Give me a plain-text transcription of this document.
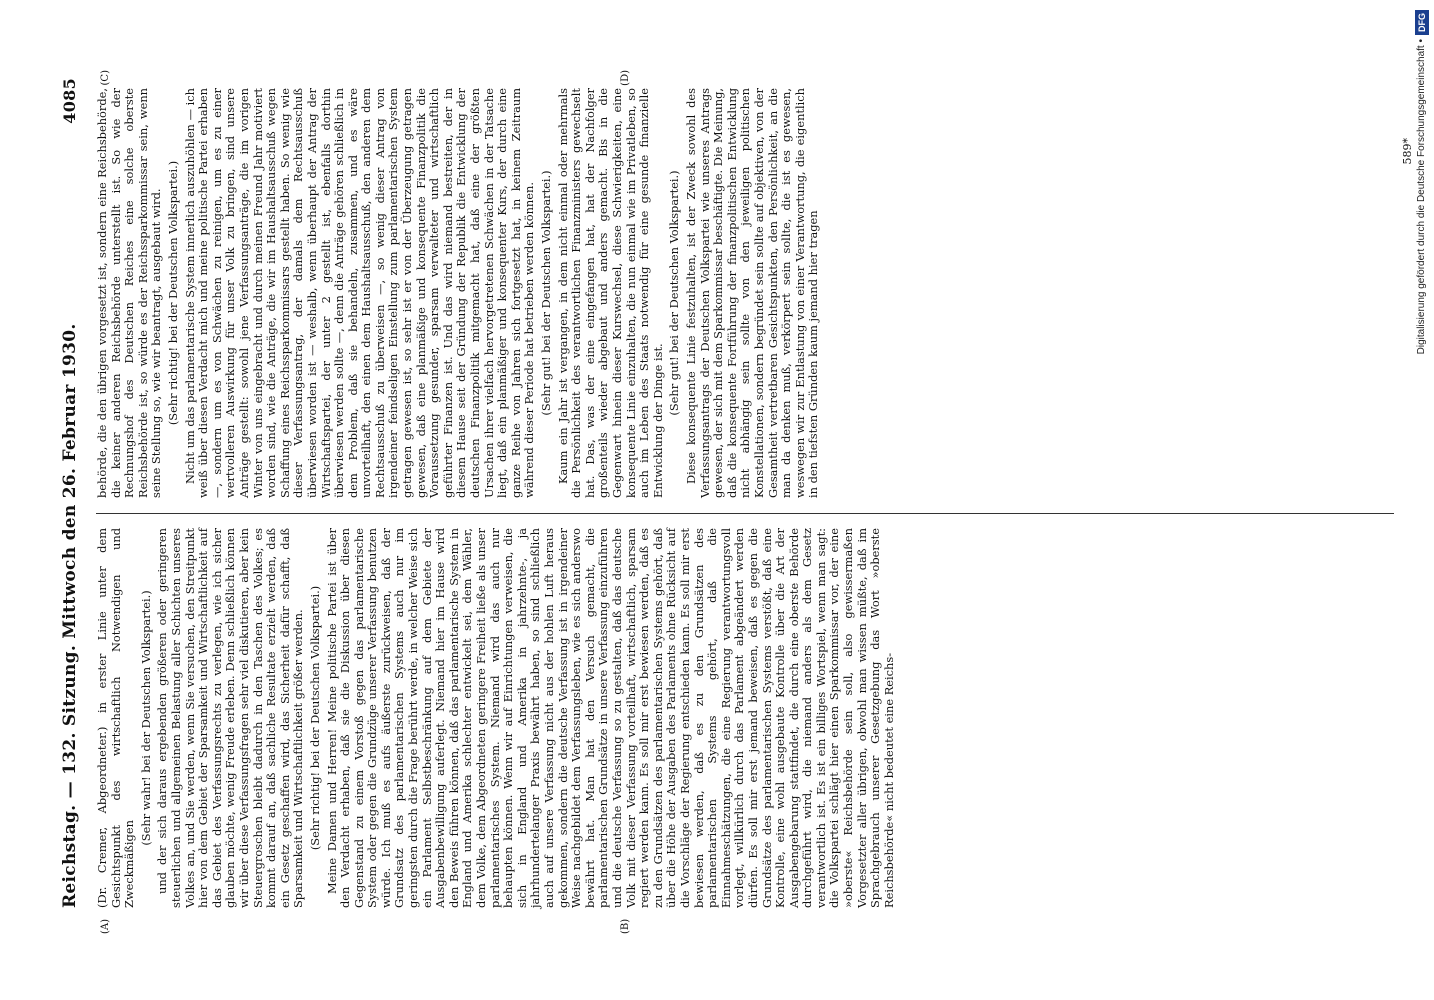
Reichstag. — 132. Sitzung. Mittwoch den 26. Februar 1930.
4085
(A)	(B)
(C)	(D)

(Dr. Cremer, Abgeordneter.) in erster Linie unter dem Gesichtspunkt des wirtschaftlich Notwendigen und Zweckmäßigen

(Sehr wahr! bei der Deutschen Volkspartei.) und der sich daraus ergebenden größeren oder geringeren steuerlichen und allgemeinen Belastung aller Schichten unseres Volkes an, und Sie werden, wenn Sie versuchen, den Streitpunkt hier von dem Gebiet der Sparsamkeit und Wirtschaftlichkeit auf das Gebiet des Verfassungsrechts zu verlegen, wie ich sicher glauben möchte, wenig Freude erleben. Denn schließlich können wir über diese Verfassungsfragen sehr viel diskutieren, aber kein Steuergroschen bleibt dadurch in den Taschen des Volkes; es kommt darauf an, daß sachliche Resultate erzielt werden, daß ein Gesetz geschaffen wird, das Sicherheit dafür schafft, daß Sparsamkeit und Wirtschaftlichkeit größer werden. (Sehr richtig! bei der Deutschen Volkspartei.) Meine Damen und Herren! Meine politische Partei ist über den Verdacht erhaben, daß sie die Diskussion über diesen Gegenstand zu einem Vorstoß gegen das parlamentarische System oder gegen die Grundzüge unserer Verfassung benutzen würde. Ich muß es aufs äußerste zurückweisen, daß der Grundsatz des parlamentarischen Systems auch nur im geringsten durch die Frage berührt werde, in welcher Weise sich ein Parlament Selbstbeschränkung auf dem Gebiete der Ausgabenbewilligung auferlegt. Niemand hier im Hause wird den Beweis führen können, daß das parlamentarische System in England und Amerika schlechter entwickelt sei, dem Wähler, dem Volke, dem Abgeordneten geringere Freiheit ließe als unser parlamentarisches System. Niemand wird das auch nur behaupten können. Wenn wir auf Einrichtungen verweisen, die sich in England und Amerika in jahrzehnte-, ja jahrhundertelanger Praxis bewährt haben, so sind schließlich auch auf unsere Verfassung nicht aus der hohlen Luft heraus gekommen, sondern die deutsche Verfassung ist in irgendeiner Weise nachgebildet dem Verfassungsleben, wie es sich anderswo bewährt hat. Man hat den Versuch gemacht, die parlamentarischen Grundsätze in unsere Verfassung einzuführen und die deutsche Verfassung so zu gestalten, daß das deutsche Volk mit dieser Verfassung vorteilhaft, wirtschaftlich, sparsam regiert werden kann. Es soll mir erst bewiesen werden, daß es zu den Grundsätzen des parlamentarischen Systems gehört, daß über die Höhe der Ausgaben des Parlaments ohne Rücksicht auf die Vorschläge der Regierung entschieden kann. Es soll mir erst bewiesen werden, daß es zu den Grundsätzen des parlamentarischen Systems gehört, daß die Einnahmeschätzungen, die eine Regierung verantwortungsvoll vorlegt, willkürlich durch das Parlament abgeändert werden dürfen. Es soll mir erst jemand beweisen, daß es gegen die Grundsätze des parlamentarischen Systems verstößt, daß eine Kontrolle, eine wohl ausgebaute Kontrolle über die Art der Ausgabengebarung stattfindet, die durch eine oberste Behörde durchgeführt wird, die niemand anders als dem Gesetz verantwortlich ist. Es ist ein billiges Wortspiel, wenn man sagt: die Volkspartei schlägt hier einen Sparkommissar vor, der eine »oberste« Reichsbehörde sein soll, also gewissermaßen Vorgesetzter aller übrigen, obwohl man wissen müßte, daß im Sprachgebrauch unserer Gesetzgebung das Wort »oberste Reichsbehörde« nicht bedeutet eine Reichs-

behörde, die den übrigen vorgesetzt ist, sondern eine Reichsbehörde, die keiner anderen Reichsbehörde unterstellt ist. So wie der Rechnungshof des Deutschen Reiches eine solche oberste Reichsbehörde ist, so würde es der Reichssparkommissar sein, wenn seine Stellung so, wie wir beantragt, ausgebaut wird. (Sehr richtig! bei der Deutschen Volkspartei.) Nicht um das parlamentarische System innerlich auszuhöhlen — ich weiß über diesen Verdacht mich und meine politische Partei erhaben —, sondern um es von Schwächen zu reinigen, um es zu einer wertvolleren Auswirkung für unser Volk zu bringen, sind unsere Anträge gestellt: sowohl jene Verfassungsanträge, die im vorigen Winter von uns eingebracht und durch meinen Freund Jahr motiviert worden sind, wie die Anträge, die wir im Haushaltsausschuß wegen Schaffung eines Reichssparkommissars gestellt haben. So wenig wie dieser Verfassungsantrag, der damals dem Rechtsausschuß überwiesen worden ist — weshalb, wenn überhaupt der Antrag der Wirtschaftspartei, der unter 2 gestellt ist, ebenfalls dorthin überwiesen werden sollte —, denn die Anträge gehören schließlich in dem Problem, daß sie behandeln, zusammen, und es wäre unvorteilhaft, den einen dem Haushaltsausschuß, den anderen dem Rechtsausschuß zu überweisen —, so wenig dieser Antrag von irgendeiner feindseligen Einstellung zum parlamentarischen System getragen gewesen ist, so sehr ist er von der Überzeugung getragen gewesen, daß eine planmäßige und konsequente Finanzpolitik die Voraussetzung gesunder, sparsam verwalteter und wirtschaftlich geführter Finanzen ist. Und das wird niemand bestreiten, der in diesem Hause seit der Gründung der Republik die Entwicklung der deutschen Finanzpolitik mitgemacht hat, daß eine der größten Ursachen ihrer vielfach hervorgetretenen Schwächen in der Tatsache liegt, daß ein planmäßiger und konsequenter Kurs, der durch eine ganze Reihe von Jahren sich fortgesetzt hat, in keinem Zeitraum während dieser Periode hat betrieben werden können. (Sehr gut! bei der Deutschen Volkspartei.) Kaum ein Jahr ist vergangen, in dem nicht einmal oder mehrmals die Persönlichkeit des verantwortlichen Finanzministers gewechselt hat. Das, was der eine eingefangen hat, hat der Nachfolger großenteils wieder abgebaut und anders gemacht. Bis in die Gegenwart hinein dieser Kurswechsel, diese Schwierigkeiten, eine konsequente Linie einzuhalten, die nun einmal wie im Privatleben, so auch im Leben des Staats notwendig für eine gesunde finanzielle Entwicklung der Dinge ist.

(Sehr gut! bei der Deutschen Volkspartei.) Diese konsequente Linie festzuhalten, ist der Zweck sowohl des Verfassungsantrags der Deutschen Volkspartei wie unseres Antrags gewesen, der sich mit dem Sparkommissar beschäftigte. Die Meinung, daß die konsequente Fortführung der finanzpolitischen Entwicklung nicht abhängig sein sollte von den jeweiligen politischen Konstellationen, sondern begründet sein sollte auf objektiven, von der Gesamtheit vertretbaren Gesichtspunkten, den Persönlichkeit, an die man da denken muß, verkörpert sein sollte, die ist es gewesen, weswegen wir zur Entlastung von einer Verantwortung, die eigentlich in den tiefsten Gründen kaum jemand hier tragen

589* Digitalisierung gefördert durch die Deutsche Forschungsgemeinschaft •
DFG
